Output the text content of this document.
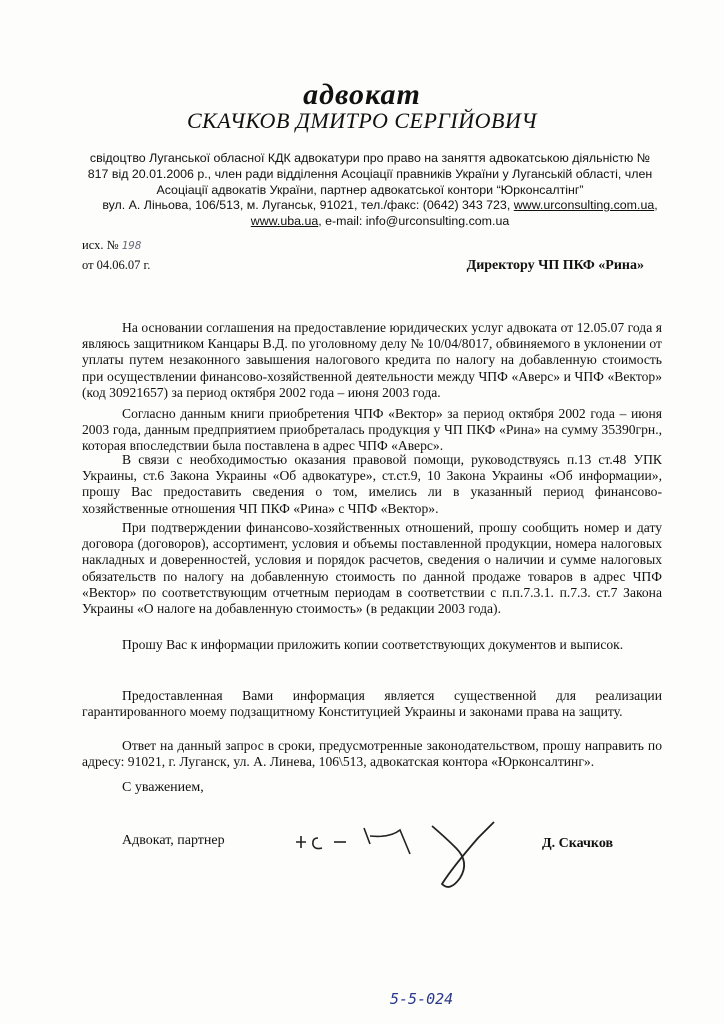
адвокат
СКАЧКОВ ДМИТРО СЕРГІЙОВИЧ
свідоцтво Луганської обласної КДК адвокатури про право на заняття адвокатською діяльністю № 817 від 20.01.2006 р., член ради відділення Асоціації правників України у Луганській області, член Асоціації адвокатів України, партнер адвокатської контори “Юрконсалтінг”
вул. А. Ліньова, 106/513, м. Луганськ, 91021, тел./факс: (0642) 343 723, www.urconsulting.com.ua,
www.uba.ua, e-mail: info@urconsulting.com.ua
исх. № 198
от 04.06.07 г.	Директору ЧП ПКФ «Рина»

На основании соглашения на предоставление юридических услуг адвоката от 12.05.07 года я являюсь защитником Канцары В.Д. по уголовному делу № 10/04/8017, обвиняемого в уклонении от уплаты путем незаконного завышения налогового кредита по налогу на добавленную стоимость при осуществлении финансово-хозяйственной деятельности между ЧПФ «Аверс» и ЧПФ «Вектор» (код 30921657) за период октября 2002 года – июня 2003 года.

Согласно данным книги приобретения ЧПФ «Вектор» за период октября 2002 года – июня 2003 года, данным предприятием приобреталась продукция у ЧП ПКФ «Рина» на сумму 35390грн., которая впоследствии была поставлена в адрес ЧПФ «Аверс».

В связи с необходимостью оказания правовой помощи, руководствуясь п.13 ст.48 УПК Украины, ст.6 Закона Украины «Об адвокатуре», ст.ст.9, 10 Закона Украины «Об информации», прошу Вас предоставить сведения о том, имелись ли в указанный период финансово-хозяйственные отношения ЧП ПКФ «Рина» с ЧПФ «Вектор».

При подтверждении финансово-хозяйственных отношений, прошу сообщить номер и дату договора (договоров), ассортимент, условия и объемы поставленной продукции, номера налоговых накладных и доверенностей, условия и порядок расчетов, сведения о наличии и сумме налоговых обязательств по налогу на добавленную стоимость по данной продаже товаров в адрес ЧПФ «Вектор» по соответствующим отчетным периодам в соответствии с п.п.7.3.1. п.7.3. ст.7 Закона Украины «О налоге на добавленную стоимость» (в редакции 2003 года).

Прошу Вас к информации приложить копии соответствующих документов и выписок.

Предоставленная Вами информация является существенной для реализации гарантированного моему подзащитному Конституцией Украины и законами права на защиту.

Ответ на данный запрос в сроки, предусмотренные законодательством, прошу направить по адресу: 91021, г. Луганск, ул. А. Линева, 106\513, адвокатская контора «Юрконсалтинг».

С уважением,
Адвокат, партнер	Д. Скачков
5-5-024
